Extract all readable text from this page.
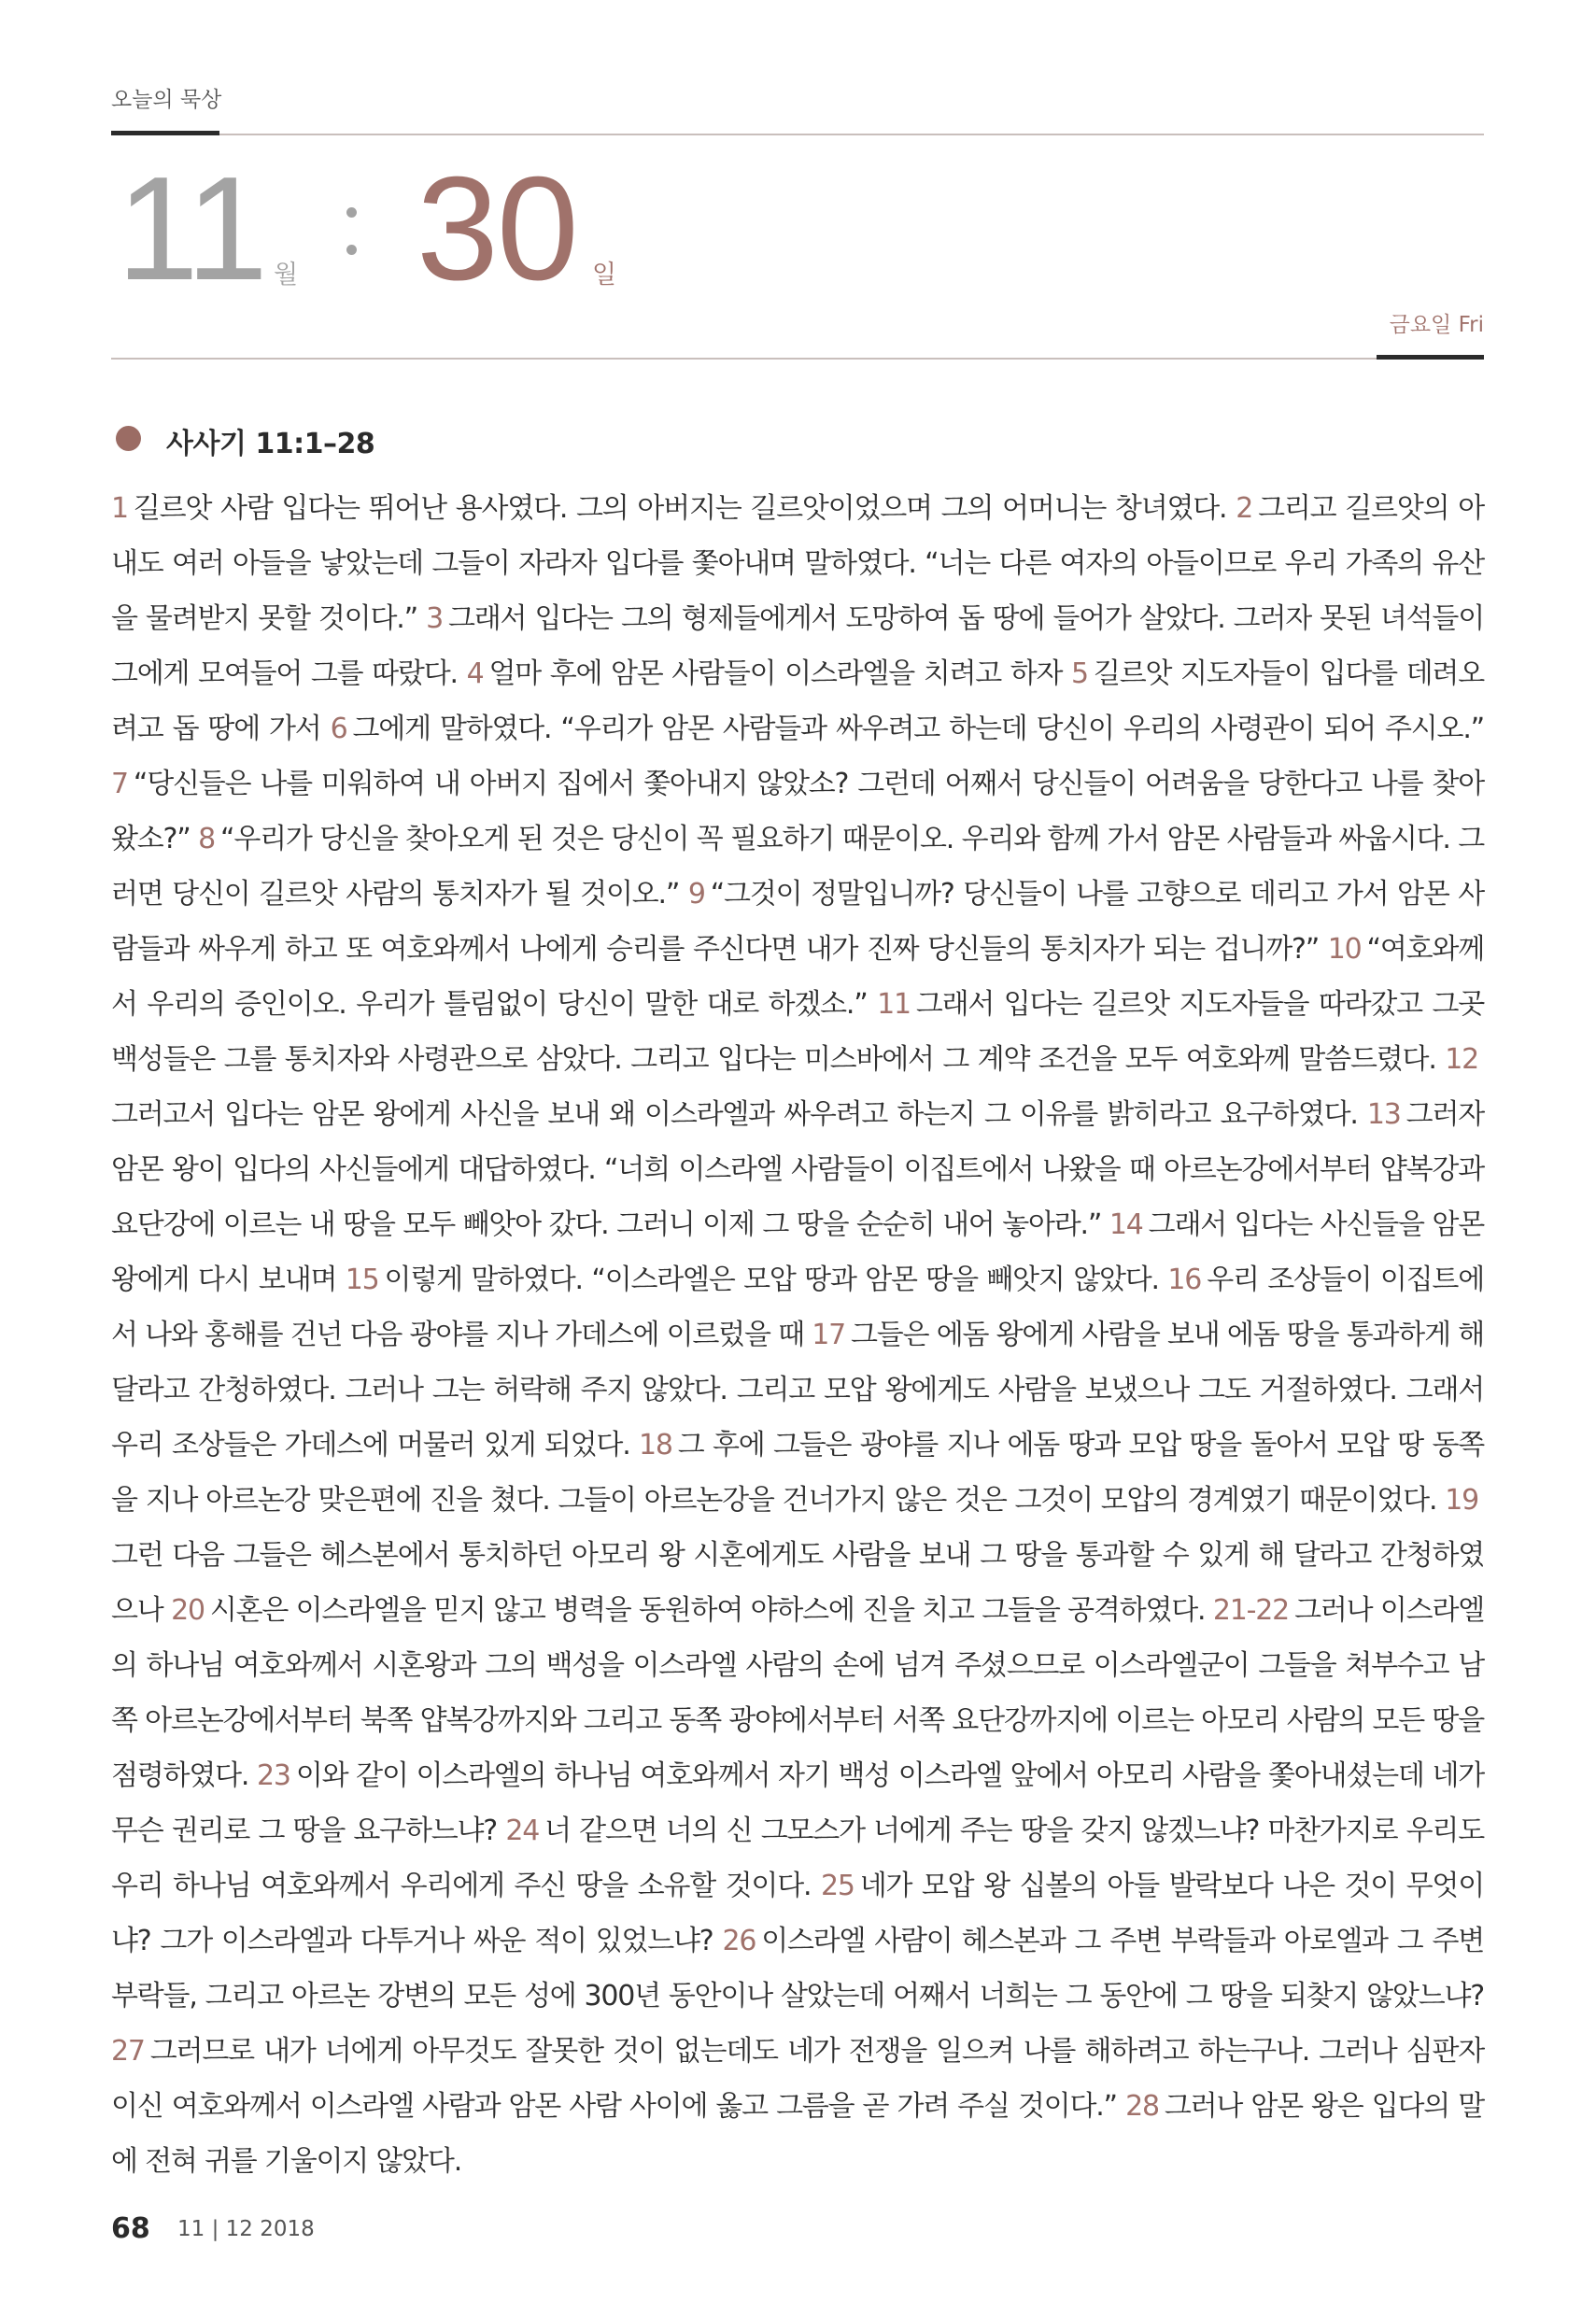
오늘의 묵상
11 월 30 일
금요일 Fri
사사기 11:1–28

1 길르앗 사람 입다는 뛰어난 용사였다. 그의 아버지는 길르앗이었으며 그의 어머니는 창녀였다. 2 그리고 길르앗의 아내도 여러 아들을 낳았는데 그들이 자라자 입다를 쫓아내며 말하였다. “너는 다른 여자의 아들이므로 우리 가족의 유산을 물려받지 못할 것이다.” 3 그래서 입다는 그의 형제들에게서 도망하여 돕 땅에 들어가 살았다. 그러자 못된 녀석들이 그에게 모여들어 그를 따랐다. 4 얼마 후에 암몬 사람들이 이스라엘을 치려고 하자 5 길르앗 지도자들이 입다를 데려오려고 돕 땅에 가서 6 그에게 말하였다. “우리가 암몬 사람들과 싸우려고 하는데 당신이 우리의 사령관이 되어 주시오.” 7 “당신들은 나를 미워하여 내 아버지 집에서 쫓아내지 않았소? 그런데 어째서 당신들이 어려움을 당한다고 나를 찾아왔소?” 8 “우리가 당신을 찾아오게 된 것은 당신이 꼭 필요하기 때문이오. 우리와 함께 가서 암몬 사람들과 싸웁시다. 그러면 당신이 길르앗 사람의 통치자가 될 것이오.” 9 “그것이 정말입니까? 당신들이 나를 고향으로 데리고 가서 암몬 사람들과 싸우게 하고 또 여호와께서 나에게 승리를 주신다면 내가 진짜 당신들의 통치자가 되는 겁니까?” 10 “여호와께서 우리의 증인이오. 우리가 틀림없이 당신이 말한 대로 하겠소.” 11 그래서 입다는 길르앗 지도자들을 따라갔고 그곳 백성들은 그를 통치자와 사령관으로 삼았다. 그리고 입다는 미스바에서 그 계약 조건을 모두 여호와께 말씀드렸다. 12그러고서 입다는 암몬 왕에게 사신을 보내 왜 이스라엘과 싸우려고 하는지 그 이유를 밝히라고 요구하였다. 13 그러자 암몬 왕이 입다의 사신들에게 대답하였다. “너희 이스라엘 사람들이 이집트에서 나왔을 때 아르논강에서부터 얍복강과 요단강에 이르는 내 땅을 모두 빼앗아 갔다. 그러니 이제 그 땅을 순순히 내어 놓아라.” 14 그래서 입다는 사신들을 암몬 왕에게 다시 보내며 15 이렇게 말하였다. “이스라엘은 모압 땅과 암몬 땅을 빼앗지 않았다. 16 우리 조상들이 이집트에서 나와 홍해를 건넌 다음 광야를 지나 가데스에 이르렀을 때 17 그들은 에돔 왕에게 사람을 보내 에돔 땅을 통과하게 해 달라고 간청하였다. 그러나 그는 허락해 주지 않았다. 그리고 모압 왕에게도 사람을 보냈으나 그도 거절하였다. 그래서 우리 조상들은 가데스에 머물러 있게 되었다. 18 그 후에 그들은 광야를 지나 에돔 땅과 모압 땅을 돌아서 모압 땅 동쪽을 지나 아르논강 맞은편에 진을 쳤다. 그들이 아르논강을 건너가지 않은 것은 그것이 모압의 경계였기 때문이었다. 19그런 다음 그들은 헤스본에서 통치하던 아모리 왕 시혼에게도 사람을 보내 그 땅을 통과할 수 있게 해 달라고 간청하였으나 20 시혼은 이스라엘을 믿지 않고 병력을 동원하여 야하스에 진을 치고 그들을 공격하였다. 21-22 그러나 이스라엘의 하나님 여호와께서 시혼왕과 그의 백성을 이스라엘 사람의 손에 넘겨 주셨으므로 이스라엘군이 그들을 쳐부수고 남쪽 아르논강에서부터 북쪽 얍복강까지와 그리고 동쪽 광야에서부터 서쪽 요단강까지에 이르는 아모리 사람의 모든 땅을 점령하였다. 23 이와 같이 이스라엘의 하나님 여호와께서 자기 백성 이스라엘 앞에서 아모리 사람을 쫓아내셨는데 네가 무슨 권리로 그 땅을 요구하느냐? 24 너 같으면 너의 신 그모스가 너에게 주는 땅을 갖지 않겠느냐? 마찬가지로 우리도 우리 하나님 여호와께서 우리에게 주신 땅을 소유할 것이다. 25 네가 모압 왕 십볼의 아들 발락보다 나은 것이 무엇이냐? 그가 이스라엘과 다투거나 싸운 적이 있었느냐? 26 이스라엘 사람이 헤스본과 그 주변 부락들과 아로엘과 그 주변 부락들, 그리고 아르논 강변의 모든 성에 300년 동안이나 살았는데 어째서 너희는 그 동안에 그 땅을 되찾지 않았느냐? 27 그러므로 내가 너에게 아무것도 잘못한 것이 없는데도 네가 전쟁을 일으켜 나를 해하려고 하는구나. 그러나 심판자이신 여호와께서 이스라엘 사람과 암몬 사람 사이에 옳고 그름을 곧 가려 주실 것이다.” 28 그러나 암몬 왕은 입다의 말에 전혀 귀를 기울이지 않았다.

68 11 | 12 2018
